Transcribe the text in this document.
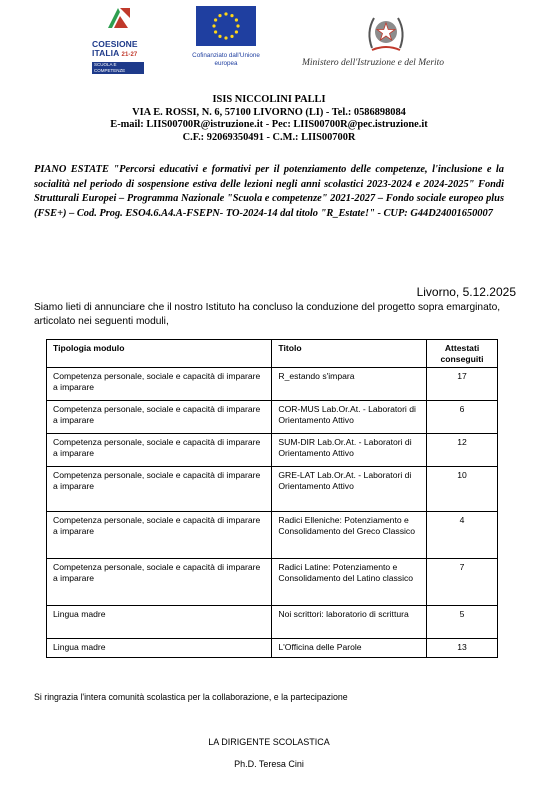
COESIONE
ITALIA 21-27
SCUOLA E COMPETENZE
Cofinanziato dall'Unione europea	Ministero dell'Istruzione e del Merito
ISIS NICCOLINI PALLI
VIA E. ROSSI, N. 6, 57100 LIVORNO (LI) - Tel.: 0586898084
E-mail: LIIS00700R@istruzione.it - Pec: LIIS00700R@pec.istruzione.it
C.F.: 92069350491 - C.M.: LIIS00700R
PIANO ESTATE "Percorsi educativi e formativi per il potenziamento delle competenze, l'inclusione e la socialità nel periodo di sospensione estiva delle lezioni negli anni scolastici 2023-2024 e 2024-2025" Fondi Strutturali Europei – Programma Nazionale "Scuola e competenze" 2021-2027 – Fondo sociale europeo plus (FSE+) – Cod. Prog. ESO4.6.A4.A-FSEPN- TO-2024-14 dal titolo "R_Estate!" - CUP: G44D24001650007
Livorno, 5.12.2025
Siamo lieti di annunciare che il nostro Istituto ha concluso la conduzione del progetto sopra emarginato, articolato nei seguenti moduli,
Tipologia modulo	Titolo	Attestati conseguiti
Competenza personale, sociale e capacità di imparare a imparare	R_estando s'impara	17
Competenza personale, sociale e capacità di imparare a imparare	COR-MUS Lab.Or.At. - Laboratori di Orientamento Attivo	6
Competenza personale, sociale e capacità di imparare a imparare	SUM-DIR Lab.Or.At. - Laboratori di Orientamento Attivo	12
Competenza personale, sociale e capacità di imparare a imparare	GRE-LAT Lab.Or.At. - Laboratori di Orientamento Attivo	10
Competenza personale, sociale e capacità di imparare a imparare	Radici Elleniche: Potenziamento e Consolidamento del Greco Classico	4
Competenza personale, sociale e capacità di imparare a imparare	Radici Latine: Potenziamento e Consolidamento del Latino classico	7
Lingua madre	Noi scrittori: laboratorio di scrittura	5
Lingua madre	L'Officina delle Parole	13
Si ringrazia l'intera comunità scolastica per la collaborazione, e la partecipazione
LA DIRIGENTE SCOLASTICA
Ph.D. Teresa Cini
